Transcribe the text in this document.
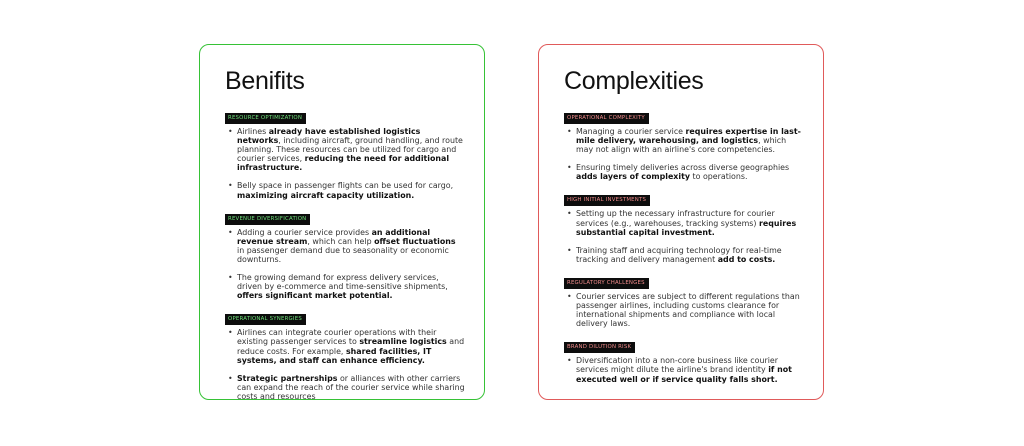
Benifits
RESOURCE OPTIMIZATION
• Airlines already have established logistics networks, including aircraft, ground handling, and route planning. These resources can be utilized for cargo and courier services, reducing the need for additional infrastructure.
• Belly space in passenger flights can be used for cargo, maximizing aircraft capacity utilization.
REVENUE DIVERSIFICATION
• Adding a courier service provides an additional revenue stream, which can help offset fluctuations in passenger demand due to seasonality or economic downturns.
• The growing demand for express delivery services, driven by e-commerce and time-sensitive shipments, offers significant market potential.
OPERATIONAL SYNERGIES
• Airlines can integrate courier operations with their existing passenger services to streamline logistics and reduce costs. For example, shared facilities, IT systems, and staff can enhance efficiency.
• Strategic partnerships or alliances with other carriers can expand the reach of the courier service while sharing costs and resources
Complexities
OPERATIONAL COMPLEXITY
• Managing a courier service requires expertise in last-mile delivery, warehousing, and logistics, which may not align with an airline's core competencies.
• Ensuring timely deliveries across diverse geographies adds layers of complexity to operations.
HIGH INITIAL INVESTMENTS
• Setting up the necessary infrastructure for courier services (e.g., warehouses, tracking systems) requires substantial capital investment.
• Training staff and acquiring technology for real-time tracking and delivery management add to costs.
REGULATORY CHALLENGES
• Courier services are subject to different regulations than passenger airlines, including customs clearance for international shipments and compliance with local delivery laws.
BRAND DILUTION RISK
• Diversification into a non-core business like courier services might dilute the airline's brand identity if not executed well or if service quality falls short.
